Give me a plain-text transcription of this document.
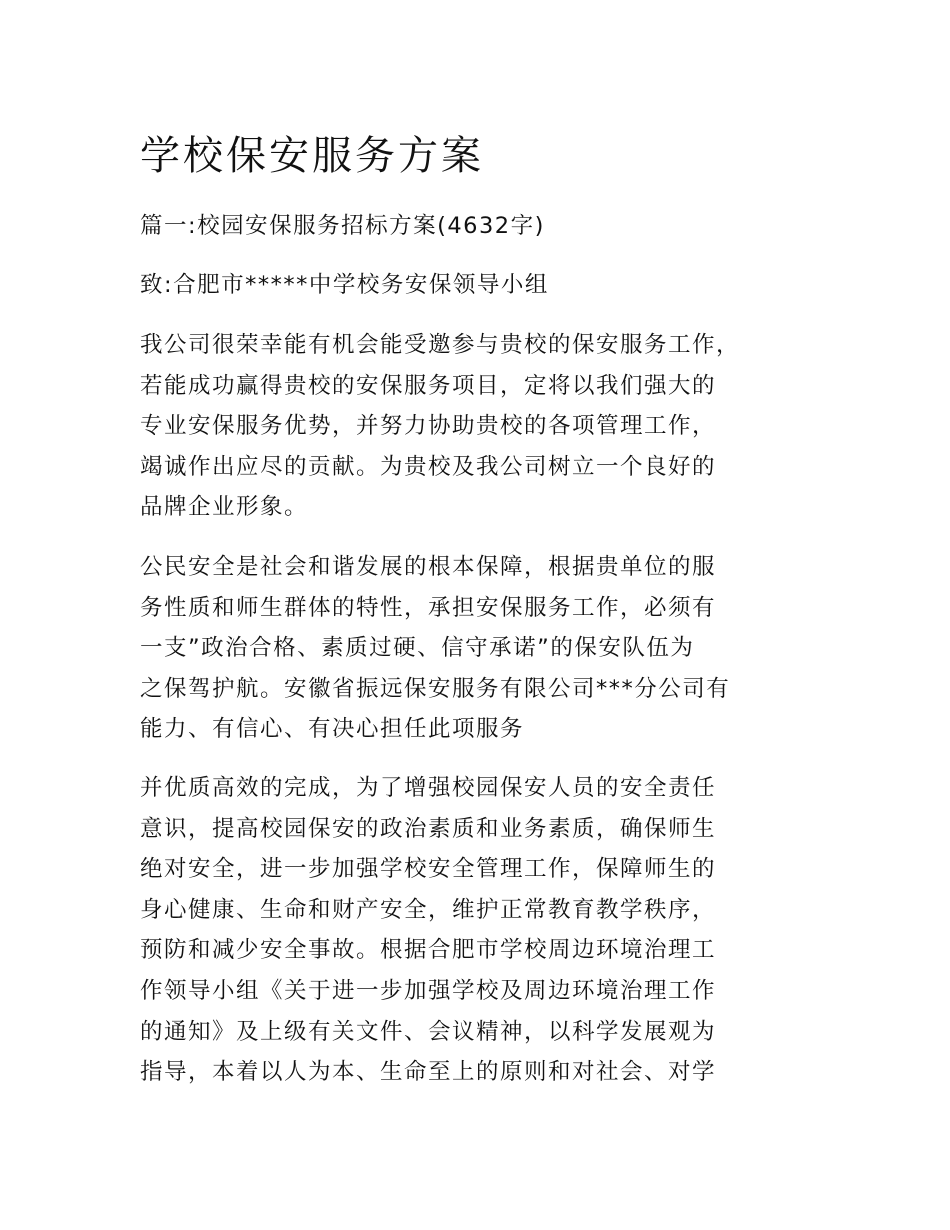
学校保安服务方案

篇一:校园安保服务招标方案(4632字)

致:合肥市*****中学校务安保领导小组

我公司很荣幸能有机会能受邀参与贵校的保安服务工作，
若能成功赢得贵校的安保服务项目，定将以我们强大的
专业安保服务优势，并努力协助贵校的各项管理工作，
竭诚作出应尽的贡献。为贵校及我公司树立一个良好的
品牌企业形象。
公民安全是社会和谐发展的根本保障，根据贵单位的服
务性质和师生群体的特性，承担安保服务工作，必须有
一支”政治合格、素质过硬、信守承诺”的保安队伍为
之保驾护航。安徽省振远保安服务有限公司***分公司有
能力、有信心、有决心担任此项服务
并优质高效的完成，为了增强校园保安人员的安全责任
意识，提高校园保安的政治素质和业务素质，确保师生
绝对安全，进一步加强学校安全管理工作，保障师生的
身心健康、生命和财产安全，维护正常教育教学秩序，
预防和减少安全事故。根据合肥市学校周边环境治理工
作领导小组《关于进一步加强学校及周边环境治理工作
的通知》及上级有关文件、会议精神，以科学发展观为
指导，本着以人为本、生命至上的原则和对社会、对学
